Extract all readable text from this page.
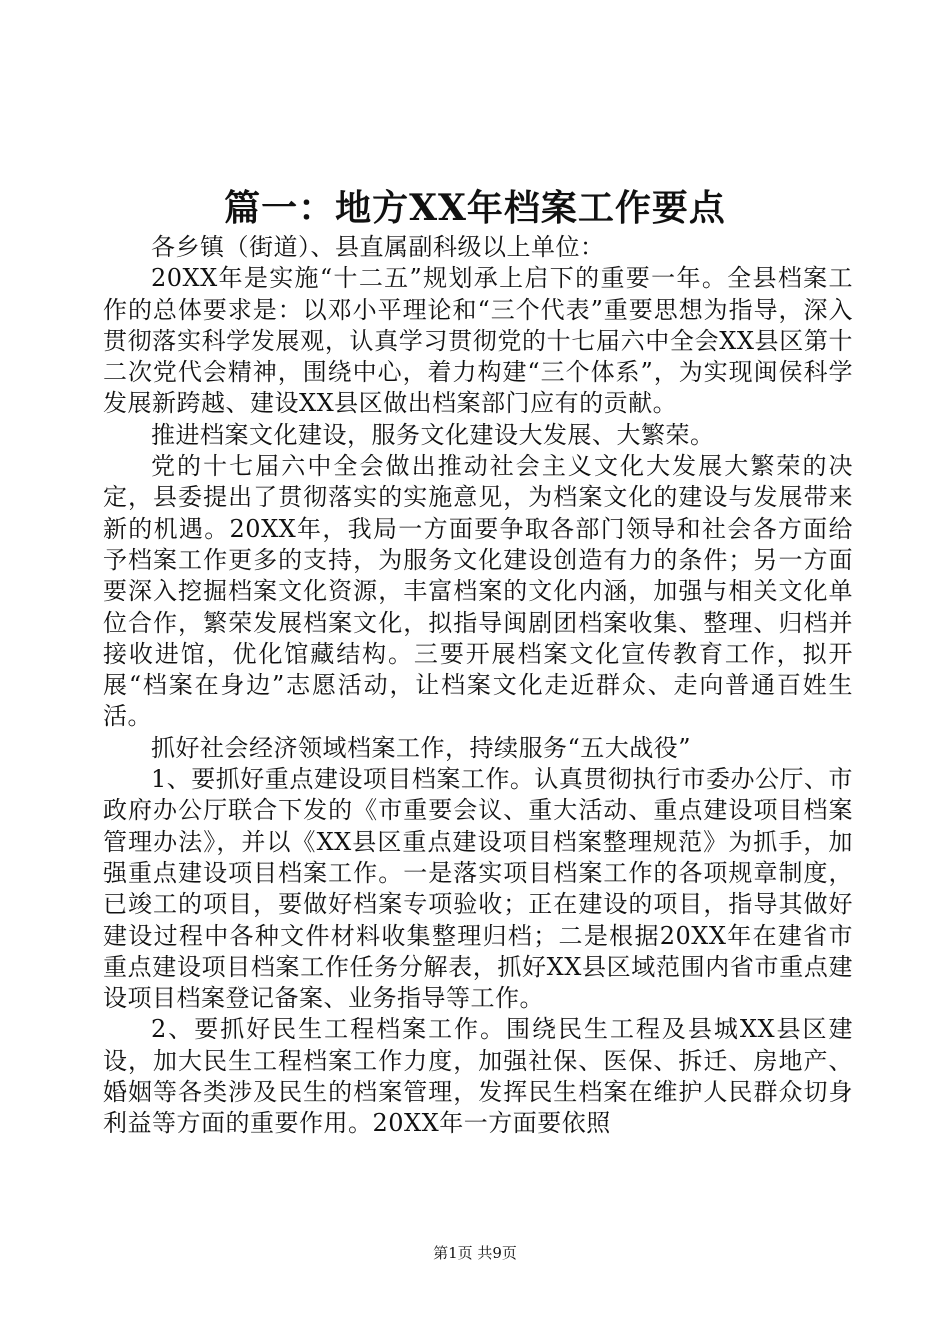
篇一：地方XX年档案工作要点

各乡镇（街道）、县直属副科级以上单位：

20XX年是实施“十二五”规划承上启下的重要一年。全县档案工作的总体要求是：以邓小平理论和“三个代表”重要思想为指导，深入贯彻落实科学发展观，认真学习贯彻党的十七届六中全会XX县区第十二次党代会精神，围绕中心，着力构建“三个体系”，为实现闽侯科学发展新跨越、建设XX县区做出档案部门应有的贡献。

推进档案文化建设，服务文化建设大发展、大繁荣。

党的十七届六中全会做出推动社会主义文化大发展大繁荣的决定，县委提出了贯彻落实的实施意见，为档案文化的建设与发展带来新的机遇。20XX年，我局一方面要争取各部门领导和社会各方面给予档案工作更多的支持，为服务文化建设创造有力的条件；另一方面要深入挖掘档案文化资源，丰富档案的文化内涵，加强与相关文化单位合作，繁荣发展档案文化，拟指导闽剧团档案收集、整理、归档并接收进馆，优化馆藏结构。三要开展档案文化宣传教育工作，拟开展“档案在身边”志愿活动，让档案文化走近群众、走向普通百姓生活。

抓好社会经济领域档案工作，持续服务“五大战役”

1、要抓好重点建设项目档案工作。认真贯彻执行市委办公厅、市政府办公厅联合下发的《市重要会议、重大活动、重点建设项目档案管理办法》，并以《XX县区重点建设项目档案整理规范》为抓手，加强重点建设项目档案工作。一是落实项目档案工作的各项规章制度，已竣工的项目，要做好档案专项验收；正在建设的项目，指导其做好建设过程中各种文件材料收集整理归档；二是根据20XX年在建省市重点建设项目档案工作任务分解表，抓好XX县区域范围内省市重点建设项目档案登记备案、业务指导等工作。

2、要抓好民生工程档案工作。围绕民生工程及县城XX县区建设，加大民生工程档案工作力度，加强社保、医保、拆迁、房地产、婚姻等各类涉及民生的档案管理，发挥民生档案在维护人民群众切身利益等方面的重要作用。20XX年一方面要依照

第1页 共9页
